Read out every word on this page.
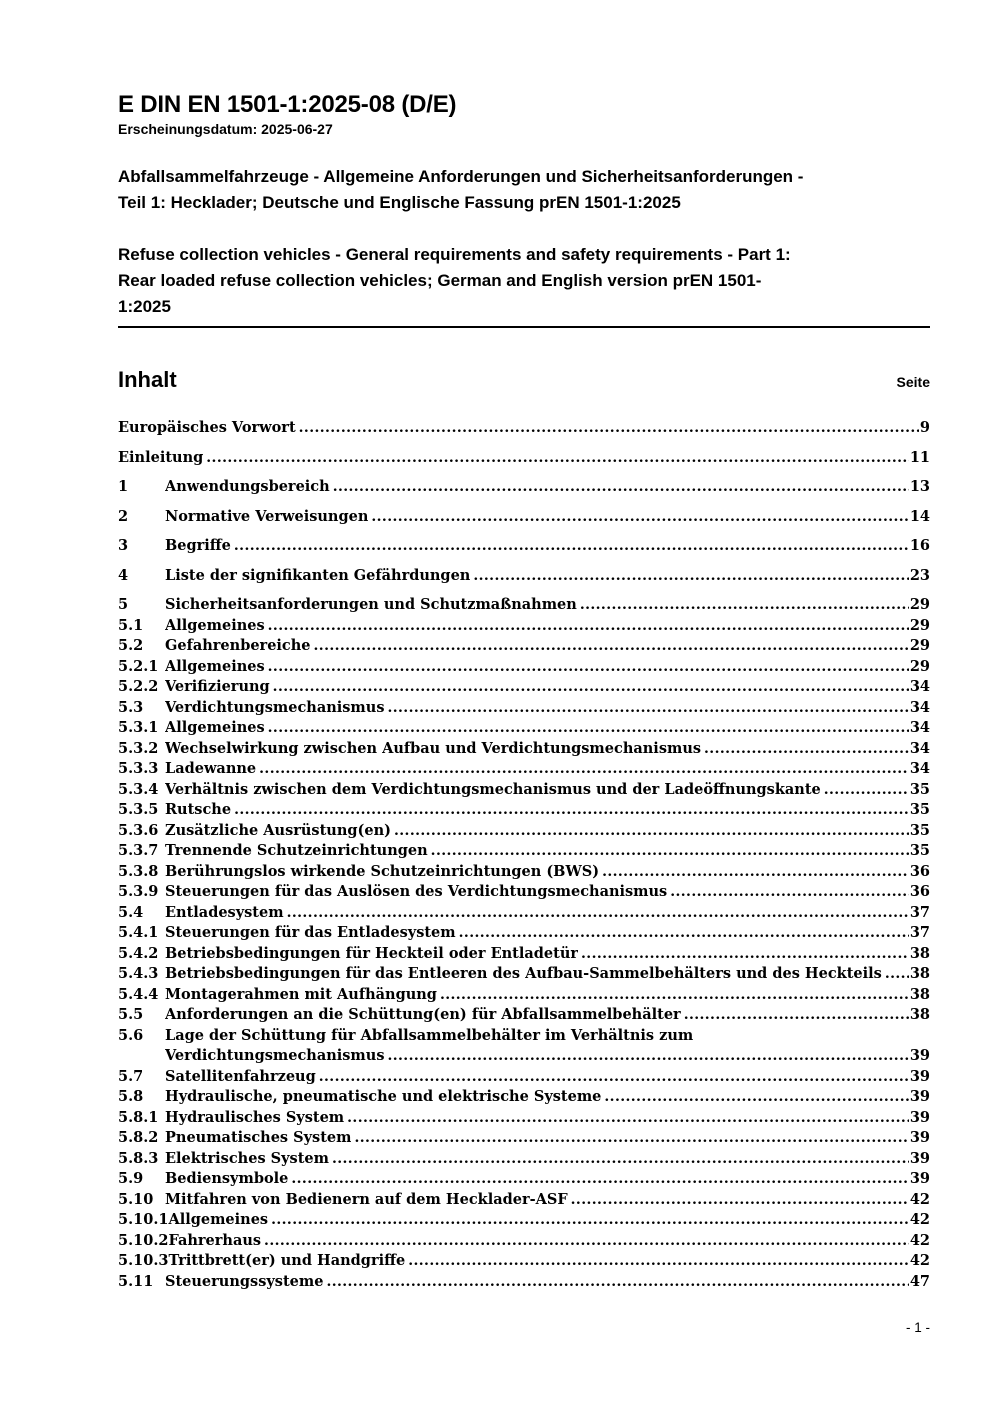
E DIN EN 1501-1:2025-08 (D/E)
Erscheinungsdatum: 2025-06-27
Abfallsammelfahrzeuge - Allgemeine Anforderungen und Sicherheitsanforderungen -
Teil 1: Hecklader; Deutsche und Englische Fassung prEN 1501-1:2025
Refuse collection vehicles - General requirements and safety requirements - Part 1:
Rear loaded refuse collection vehicles; German and English version prEN 1501-
1:2025
Inhalt	Seite
Europäisches Vorwort .....	9
Einleitung .....	11
1	Anwendungsbereich .....	13
2	Normative Verweisungen .....	14
3	Begriffe .....	16
4	Liste der signifikanten Gefährdungen .....	23
5	Sicherheitsanforderungen und Schutzmaßnahmen .....	29
5.1	Allgemeines .....	29
5.2	Gefahrenbereiche .....	29
5.2.1 Allgemeines .....	29
5.2.2 Verifizierung .....	34
5.3	Verdichtungsmechanismus .....	34
5.3.1 Allgemeines .....	34
5.3.2 Wechselwirkung zwischen Aufbau und Verdichtungsmechanismus .....	34
5.3.3 Ladewanne .....	34
5.3.4 Verhältnis zwischen dem Verdichtungsmechanismus und der Ladeöffnungskante .....	35
5.3.5 Rutsche .....	35
5.3.6 Zusätzliche Ausrüstung(en) .....	35
5.3.7 Trennende Schutzeinrichtungen .....	35
5.3.8 Berührungslos wirkende Schutzeinrichtungen (BWS) .....	36
5.3.9 Steuerungen für das Auslösen des Verdichtungsmechanismus .....	36
5.4	Entladesystem .....	37
5.4.1 Steuerungen für das Entladesystem .....	37
5.4.2 Betriebsbedingungen für Heckteil oder Entladetür .....	38
5.4.3 Betriebsbedingungen für das Entleeren des Aufbau-Sammelbehälters und des Heckteils ..... 38
5.4.4 Montagerahmen mit Aufhängung .....	38
5.5	Anforderungen an die Schüttung(en) für Abfallsammelbehälter .....	38
5.6	Lage der Schüttung für Abfallsammelbehälter im Verhältnis zum
Verdichtungsmechanismus .....	39
5.7	Satellitenfahrzeug .....	39
5.8	Hydraulische, pneumatische und elektrische Systeme .....	39
5.8.1 Hydraulisches System .....	39
5.8.2 Pneumatisches System .....	39
5.8.3 Elektrisches System .....	39
5.9	Bediensymbole .....	39
5.10 Mitfahren von Bedienern auf dem Hecklader-ASF .....	42
5.10.1 Allgemeines .....	42
5.10.2 Fahrerhaus .....	42
5.10.3 Trittbrett(er) und Handgriffe .....	42
5.11 Steuerungssysteme .....	47
- 1 -
